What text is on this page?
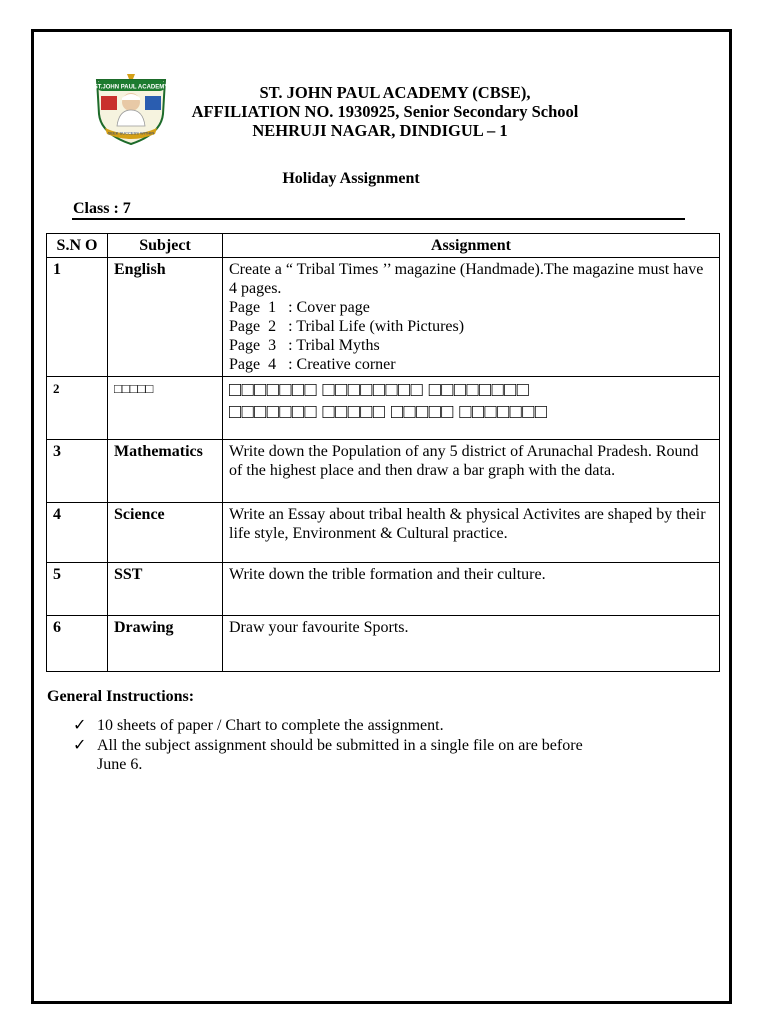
ST.JOHN PAUL ACADEMY
SEEK SUCCESS WITHIN
ST. JOHN PAUL ACADEMY (CBSE),
AFFILIATION NO. 1930925, Senior Secondary School
NEHRUJI NAGAR, DINDIGUL – 1
Holiday Assignment
Class : 7
S.N O	Subject	Assignment
1	English	Create a “ Tribal Times ’’ magazine (Handmade).The magazine must have 4 pages.
Page  1   : Cover page
Page  2   : Tribal Life (with Pictures)
Page  3   : Tribal Myths
Page  4   : Creative corner

2	□□□□□	□□□□□□□ □□□□□□□□ □□□□□□□□
□□□□□□□ □□□□□ □□□□□ □□□□□□□

3	Mathematics	Write down the Population of any 5 district of Arunachal Pradesh. Round of the highest place and then draw a bar graph with the data.

4	Science	Write an Essay about tribal health & physical Activites are shaped by their life style, Environment & Cultural practice.

5	SST	Write down the trible formation and their culture.

6	Drawing	Draw your favourite Sports.
General Instructions:
✓ 10 sheets of paper / Chart to complete the assignment.
✓ All the subject assignment should be submitted in a single file on are before June 6.
